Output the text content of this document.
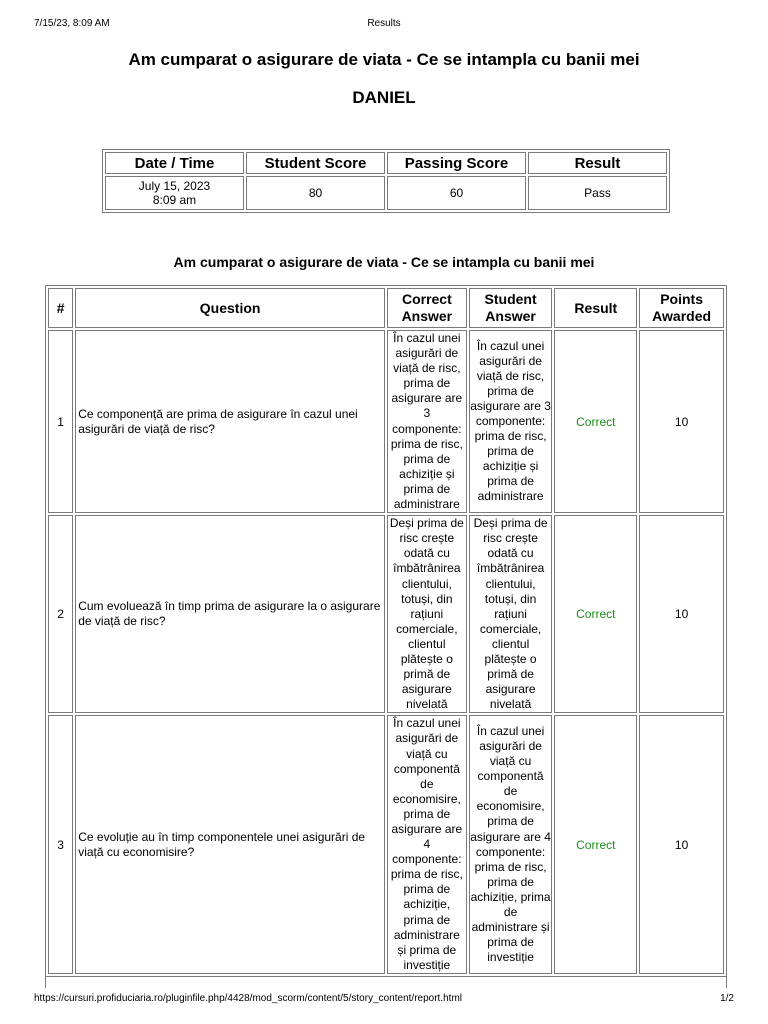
7/15/23, 8:09 AM	Results
Am cumparat o asigurare de viata - Ce se intampla cu banii mei
DANIEL
Date / Time	Student Score	Passing Score	Result

July 15, 2023
8:09 am	80	60	Pass
Am cumparat o asigurare de viata - Ce se intampla cu banii mei
#	Question	Correct Answer	Student Answer	Result	Points Awarded
1	Ce componență are prima de asigurare în cazul unei asigurări de viață de risc?	În cazul unei asigurări de viață de risc, prima de asigurare are 3 componente: prima de risc, prima de achiziție și prima de administrare	În cazul unei asigurări de viață de risc, prima de asigurare are 3 componente: prima de risc, prima de achiziție și prima de administrare	Correct	10
2	Cum evoluează în timp prima de asigurare la o asigurare de viață de risc?	Deși prima de risc crește odată cu îmbătrânirea clientului, totuși, din rațiuni comerciale, clientul plătește o primă de asigurare nivelată	Deși prima de risc crește odată cu îmbătrânirea clientului, totuși, din rațiuni comerciale, clientul plătește o primă de asigurare nivelată	Correct	10
3	Ce evoluție au în timp componentele unei asigurări de viață cu economisire?	În cazul unei asigurări de viață cu componentă de economisire, prima de asigurare are 4 componente: prima de risc, prima de achiziție, prima de administrare și prima de investiție	În cazul unei asigurări de viață cu componentă de economisire, prima de asigurare are 4 componente: prima de risc, prima de achiziție, prima de administrare și prima de investiție	Correct	10
https://cursuri.profiduciaria.ro/pluginfile.php/4428/mod_scorm/content/5/story_content/report.html	1/2
